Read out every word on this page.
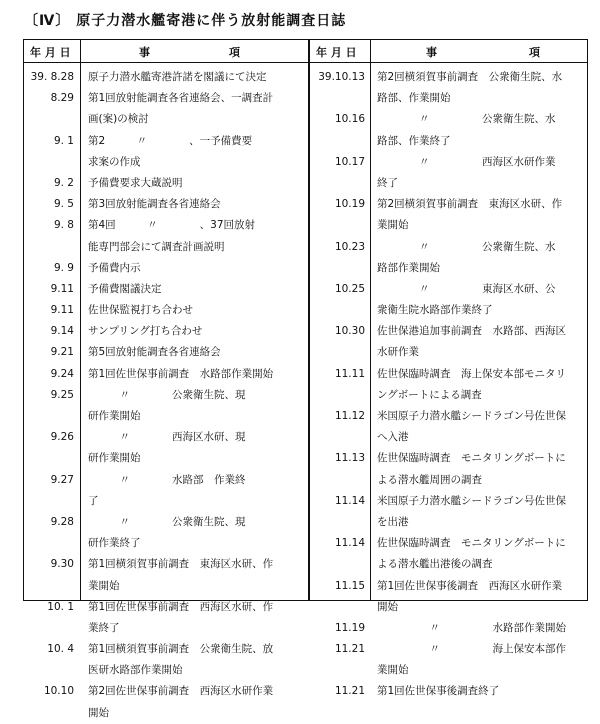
〔Ⅳ〕 原子力潜水艦寄港に伴う放射能調査日誌
年 月 日	事	項	年 月 日	事	項
39. 8.28 原子力潜水艦寄港許諾を閣議にて決定
8.29 第1回放射能調査各省連絡会、一調査計
画(案)の検討
9. 1 第2　　　〃　　　　、一予備費要
求案の作成
9. 2 予備費要求大蔵説明
9. 5 第3回放射能調査各省連絡会
9. 8 第4回　　　〃　　　　、37回放射
能専門部会にて調査計画説明
9. 9 予備費内示
9.11 予備費閣議決定
9.11 佐世保監視打ち合わせ
9.14 サンプリング打ち合わせ
9.21 第5回放射能調査各省連絡会
9.24 第1回佐世保事前調査　水路部作業開始
9.25 　　　〃　　　　公衆衛生院、現
研作業開始
9.26 　　　〃　　　　西海区水研、現
研作業開始
9.27 　　　〃　　　　水路部　作業終
了
9.28 　　　〃　　　　公衆衛生院、現
研作業終了
9.30 第1回横須賀事前調査　東海区水研、作
業開始
10. 1 第1回佐世保事前調査　西海区水研、作
業終了
10. 4 第1回横須賀事前調査　公衆衛生院、放
医研水路部作業開始
10.10 第2回佐世保事前調査　西海区水研作業
開始
39.10.13 第2回横須賀事前調査　公衆衛生院、水
路部、作業開始
10.16 　　　　〃　　　　　公衆衛生院、水
路部、作業終了
10.17 　　　　〃　　　　　西海区水研作業
終了
10.19 第2回横須賀事前調査　東海区水研、作
業開始
10.23 　　　　〃　　　　　公衆衛生院、水
路部作業開始
10.25 　　　　〃　　　　　東海区水研、公
衆衛生院水路部作業終了
10.30 佐世保港追加事前調査　水路部、西海区
水研作業
11.11 佐世保臨時調査　海上保安本部モニタリ
ングボートによる調査
11.12 米国原子力潜水艦シードラゴン号佐世保
へ入港
11.13 佐世保臨時調査　モニタリングボートに
よる潜水艦周囲の調査
11.14 米国原子力潜水艦シードラゴン号佐世保
を出港
11.14 佐世保臨時調査　モニタリングボートに
よる潜水艦出港後の調査
11.15 第1回佐世保事後調査　西海区水研作業
開始
11.19 　　　　　〃　　　　　水路部作業開始
11.21 　　　　　〃　　　　　海上保安本部作
業開始
11.21 第1回佐世保事後調査終了
